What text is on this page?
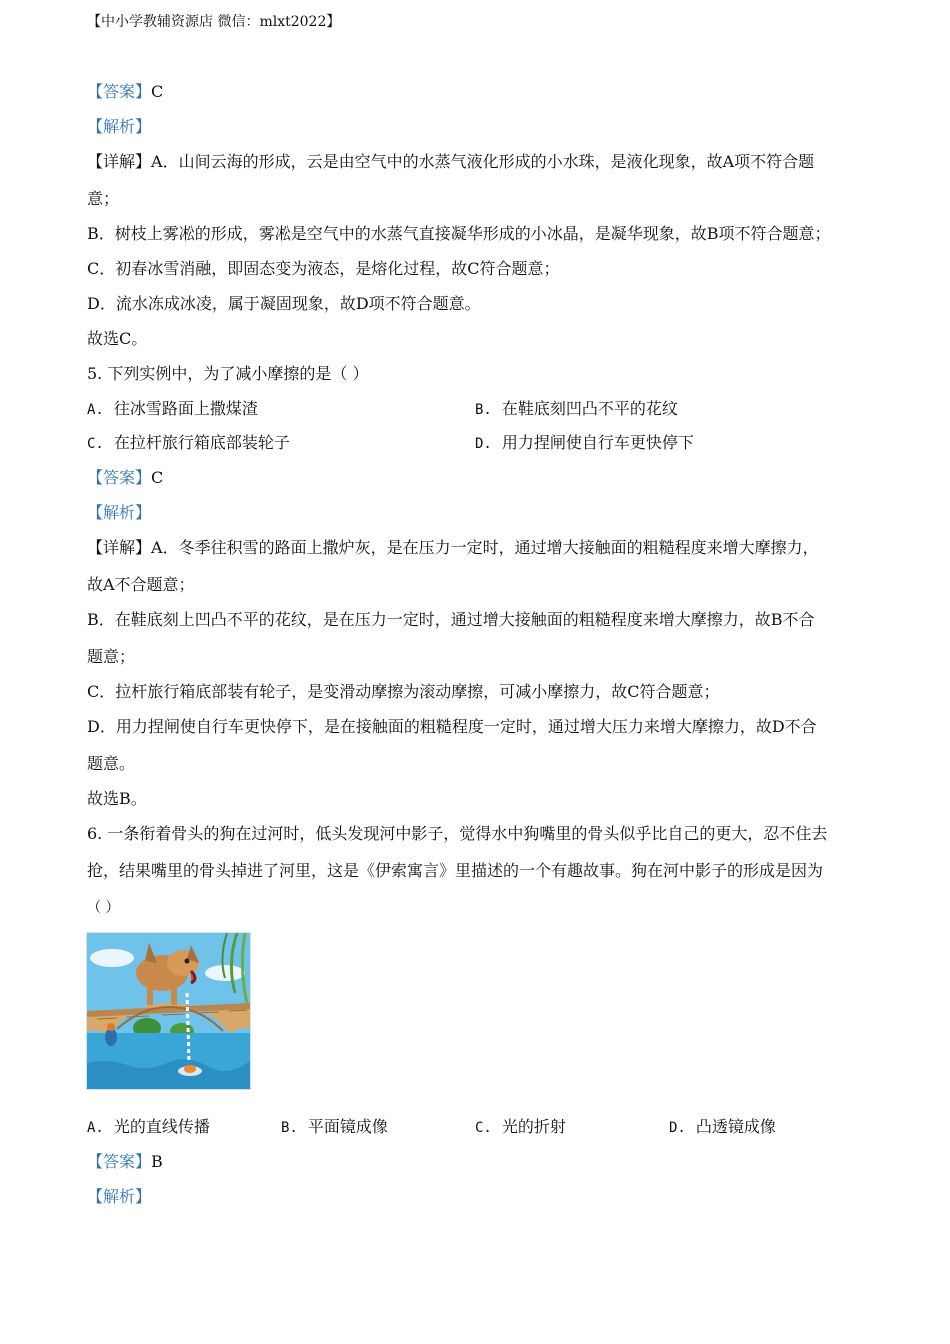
【中小学教辅资源店 微信：mlxt2022】
【答案】C
【解析】
【详解】A．山间云海的形成，云是由空气中的水蒸气液化形成的小水珠，是液化现象，故A项不符合题
意；
B．树枝上雾凇的形成，雾凇是空气中的水蒸气直接凝华形成的小冰晶，是凝华现象，故B项不符合题意；
C．初春冰雪消融，即固态变为液态，是熔化过程，故C符合题意；
D．流水冻成冰凌，属于凝固现象，故D项不符合题意。
故选C。
5. 下列实例中，为了减小摩擦的是（ ）
A. 往冰雪路面上撒煤渣	B. 在鞋底刻凹凸不平的花纹
C. 在拉杆旅行箱底部装轮子	D. 用力捏闸使自行车更快停下
【答案】C
【解析】
【详解】A．冬季往积雪的路面上撒炉灰，是在压力一定时，通过增大接触面的粗糙程度来增大摩擦力，
故A不合题意；
B．在鞋底刻上凹凸不平的花纹，是在压力一定时，通过增大接触面的粗糙程度来增大摩擦力，故B不合
题意；
C．拉杆旅行箱底部装有轮子，是变滑动摩擦为滚动摩擦，可减小摩擦力，故C符合题意；
D．用力捏闸使自行车更快停下，是在接触面的粗糙程度一定时，通过增大压力来增大摩擦力，故D不合
题意。
故选B。
6. 一条衔着骨头的狗在过河时，低头发现河中影子，觉得水中狗嘴里的骨头似乎比自己的更大，忍不住去
抢，结果嘴里的骨头掉进了河里，这是《伊索寓言》里描述的一个有趣故事。狗在河中影子的形成是因为
（ ）
A. 光的直线传播	B. 平面镜成像	C. 光的折射	D. 凸透镜成像
【答案】B
【解析】
